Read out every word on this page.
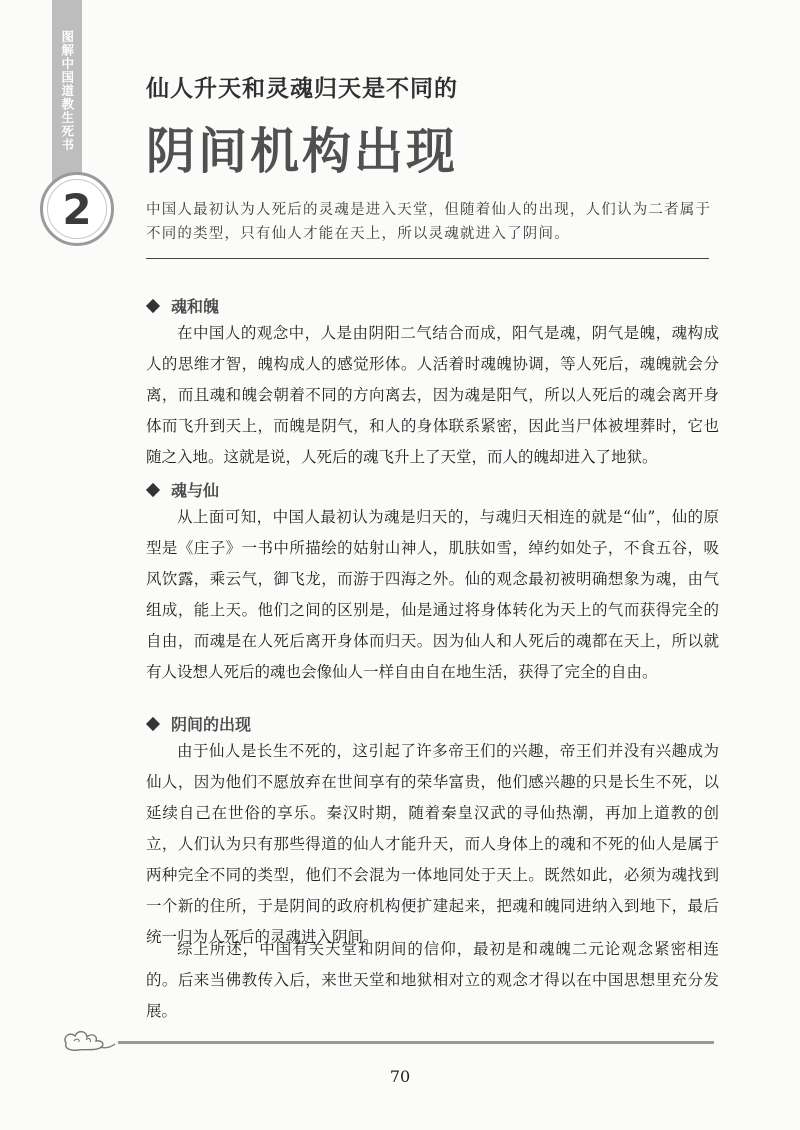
图解中国道教生死书
2
仙人升天和灵魂归天是不同的
阴间机构出现
中国人最初认为人死后的灵魂是进入天堂，但随着仙人的出现，人们认为二者属于不同的类型，只有仙人才能在天上，所以灵魂就进入了阴间。
魂和魄
在中国人的观念中，人是由阴阳二气结合而成，阳气是魂，阴气是魄，魂构成人的思维才智，魄构成人的感觉形体。人活着时魂魄协调，等人死后，魂魄就会分离，而且魂和魄会朝着不同的方向离去，因为魂是阳气，所以人死后的魂会离开身体而飞升到天上，而魄是阴气，和人的身体联系紧密，因此当尸体被埋葬时，它也随之入地。这就是说，人死后的魂飞升上了天堂，而人的魄却进入了地狱。
魂与仙
从上面可知，中国人最初认为魂是归天的，与魂归天相连的就是“仙”，仙的原型是《庄子》一书中所描绘的姑射山神人，肌肤如雪，绰约如处子，不食五谷，吸风饮露，乘云气，御飞龙，而游于四海之外。仙的观念最初被明确想象为魂，由气组成，能上天。他们之间的区别是，仙是通过将身体转化为天上的气而获得完全的自由，而魂是在人死后离开身体而归天。因为仙人和人死后的魂都在天上，所以就有人设想人死后的魂也会像仙人一样自由自在地生活，获得了完全的自由。
阴间的出现
由于仙人是长生不死的，这引起了许多帝王们的兴趣，帝王们并没有兴趣成为仙人，因为他们不愿放弃在世间享有的荣华富贵，他们感兴趣的只是长生不死，以延续自己在世俗的享乐。秦汉时期，随着秦皇汉武的寻仙热潮，再加上道教的创立，人们认为只有那些得道的仙人才能升天，而人身体上的魂和不死的仙人是属于两种完全不同的类型，他们不会混为一体地同处于天上。既然如此，必须为魂找到一个新的住所，于是阴间的政府机构便扩建起来，把魂和魄同进纳入到地下，最后统一归为人死后的灵魂进入阴间。
综上所述，中国有关天堂和阴间的信仰，最初是和魂魄二元论观念紧密相连的。后来当佛教传入后，来世天堂和地狱相对立的观念才得以在中国思想里充分发展。
70
